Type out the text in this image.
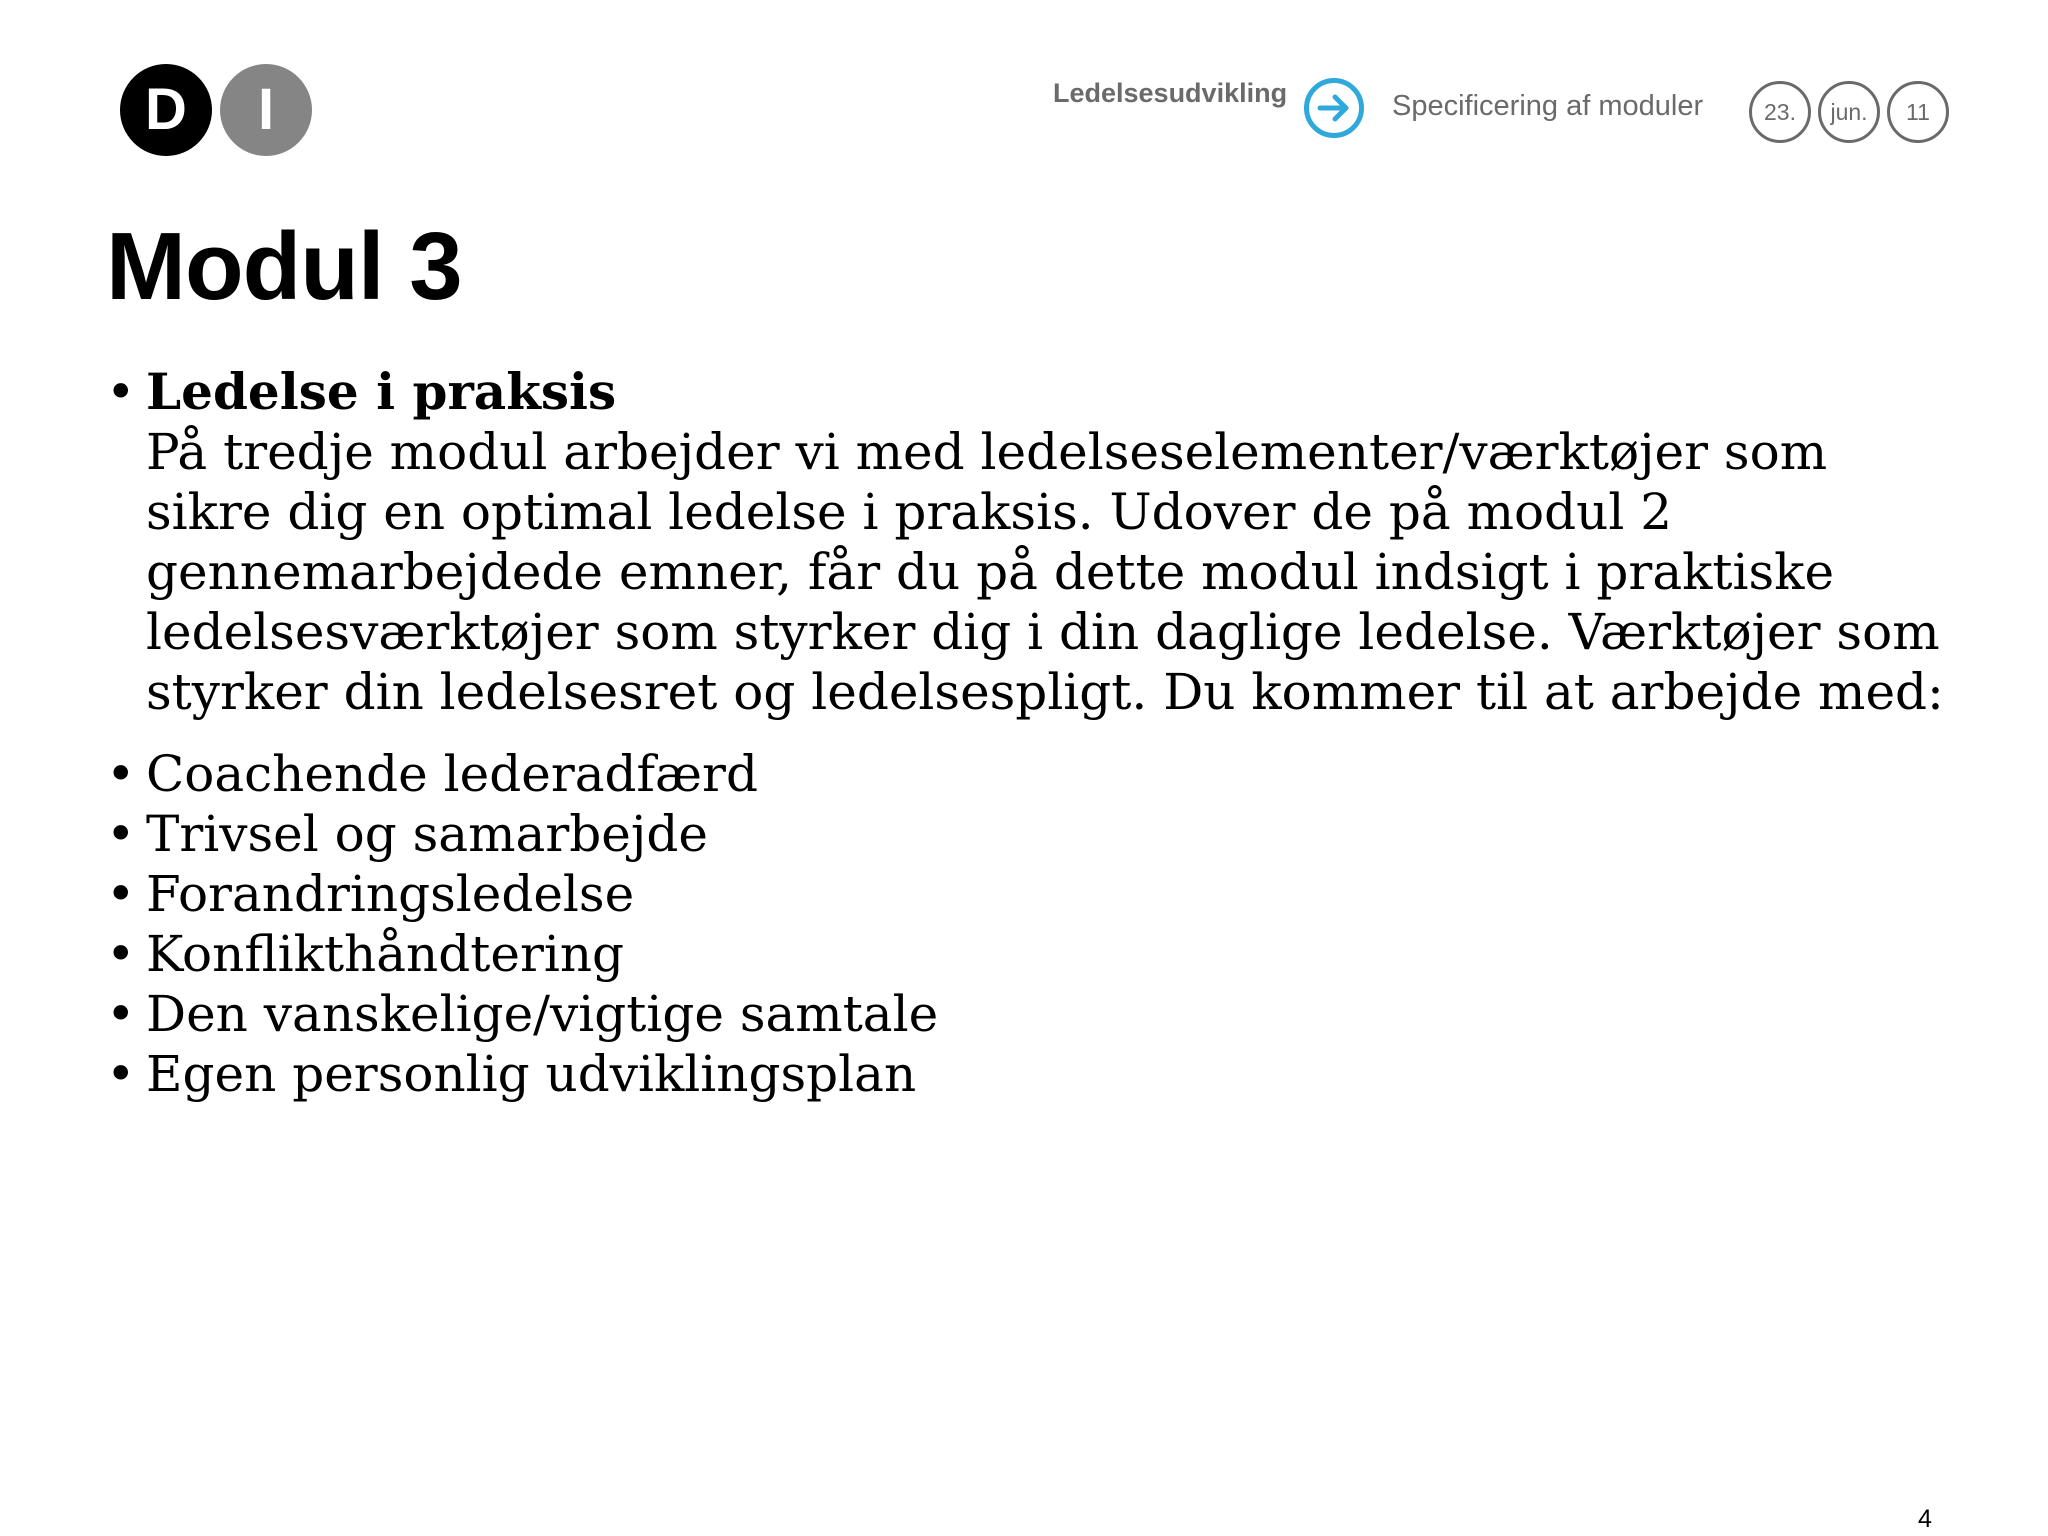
D	I	Ledelsesudvikling	Specificering af moduler	23.	jun.	11
Modul 3
• Ledelse i praksis
På tredje modul arbejder vi med ledelseselementer/værktøjer som sikre dig en optimal ledelse i praksis. Udover de på modul 2 gennemarbejdede emner, får du på dette modul indsigt i praktiske ledelsesværktøjer som styrker dig i din daglige ledelse. Værktøjer som styrker din ledelsesret og ledelsespligt. Du kommer til at arbejde med:
• Coachende lederadfærd
• Trivsel og samarbejde
• Forandringsledelse
• Konflikthåndtering
• Den vanskelige/vigtige samtale
• Egen personlig udviklingsplan
4
